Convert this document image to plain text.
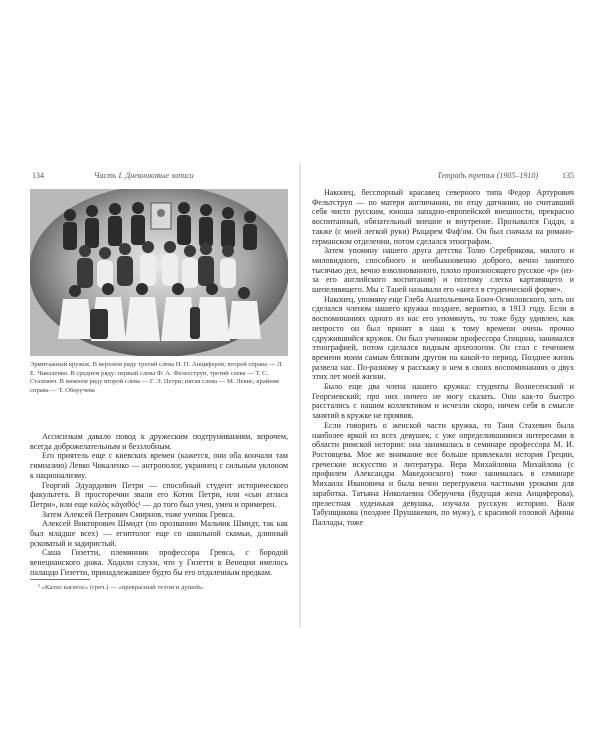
134	Часть I. Дневниковые записи

Эрмитажный кружок. В верхнем ряду третий слева Н. П. Анциферов; второй справа — Л. Е. Чикаленко. В среднем ряду: первый слева Ф. А. Фельтструп, третий слева — Т. С. Стахевич. В нижнем ряду второй слева — Г. Э. Петри; пятая слева — М. Левис, крайняя справа — Т. Оберучева

Ассисизкам давало повод к дружеским подтруниваниям, впрочем, всегда доброжелательным и беззлобным.

Его приятель еще с киевских времен (кажется, они оба кончали там гимназию) Левко Чикаленко — антрополог, украинец с сильным уклоном к национализму.

Георгий Эдуардович Петри — способный студент исторического факультета. В просторечии звали его Котик Петри, или «сын атласа Петри», или еще καλὸς κἀγαθός¹ — до того был учен, умен и примерен.

Затем Алексей Петрович Смирнов, тоже ученик Гревса.

Алексей Викторович Шмидт (по прозванию Мальчик Шмидт, так как был младше всех) — египтолог еще со школьной скамьи, длинный рсковатый и задиристый.

Саша Гизетти, племянник профессора Гревса, с бородой венецианского дожа. Ходили слухи, что у Гизетти в Венеции имелось палаццо Гизетти, принадлежавшее будто бы его отдаленным предкам.

¹ «Калос кагатос» (греч.) — «прекрасный телом и душой».

Тетрадь третья (1905–1910)	135

Наконец, бесспорный красавец северного типа Федор Артурович Фельтструп — по матери англичанин, по отцу датчанин, но считавший себя чисто русским, юноша западно-европейской внешности, прекрасно воспитанный, обязательный внешне и внутренне. Прозывался Гадди, а также (с моей легкой руки) Рыцарем Фаф'ом. Он был сначала на романо-германском отделении, потом сделался этнографом.

Затем упомяну нашего друга детства Толю Серебрякова, милого и миловидного, способного и необыкновенно доброго, вечно занятого тысячью дел, вечно взволнованного, плохо произносящего русское «р» (из-за его английского воспитания) и поэтому слегка картавящего и шепелявящего. Мы с Таней называли его «ангел в студенческой форме».

Наконец, упомяну еще Глеба Анатольевича Бонч-Осмоловского, хоть он сделался членом нашего кружка позднее, вероятно, в 1913 году. Если в воспоминаниях одного из нас его упомянуть, то тоже буду удивлен, как непросто он был принят в наш к тому времени очень прочно сдружившийся кружок. Он был учеником профессора Спицина, занимался этнографией, потом сделался видным археологом. Он стал с течением времени моим самым близким другом на какой-то период. Позднее жизнь развела нас. По-разному я расскажу о нем в своих воспоминаниях о двух этих лет моей жизни.

Было еще два члена нашего кружка: студенты Вознесенский и Георгиевский; про них ничего не могу сказать. Они как-то быстро расстались с нашим коллективом и исчезли скоро, ничем себя в смысле занятий в кружке не проявив.

Если говорить о женской части кружка, то Таня Стахевич была наиболее яркой из всех девушек, с уже определившимися интересами в области римской истории: она занималась в семинаре профессора М. И. Ростовцева. Мое же внимание все больше привлекали история Греции, греческие искусство и литература. Вера Михайловна Михайлова (с профилем Александра Македонского) тоже занималась в семинаре Михаила Ивановича и была вечно перегружена частными уроками для заработка. Татьяна Николаевна Оберучева (будущая жена Анциферова), прелестная худенькая девушка, изучала русскую историю. Валя Табунщикова (позднее Прушакевич, по мужу), с красивой головой Афины Паллады, тоже
